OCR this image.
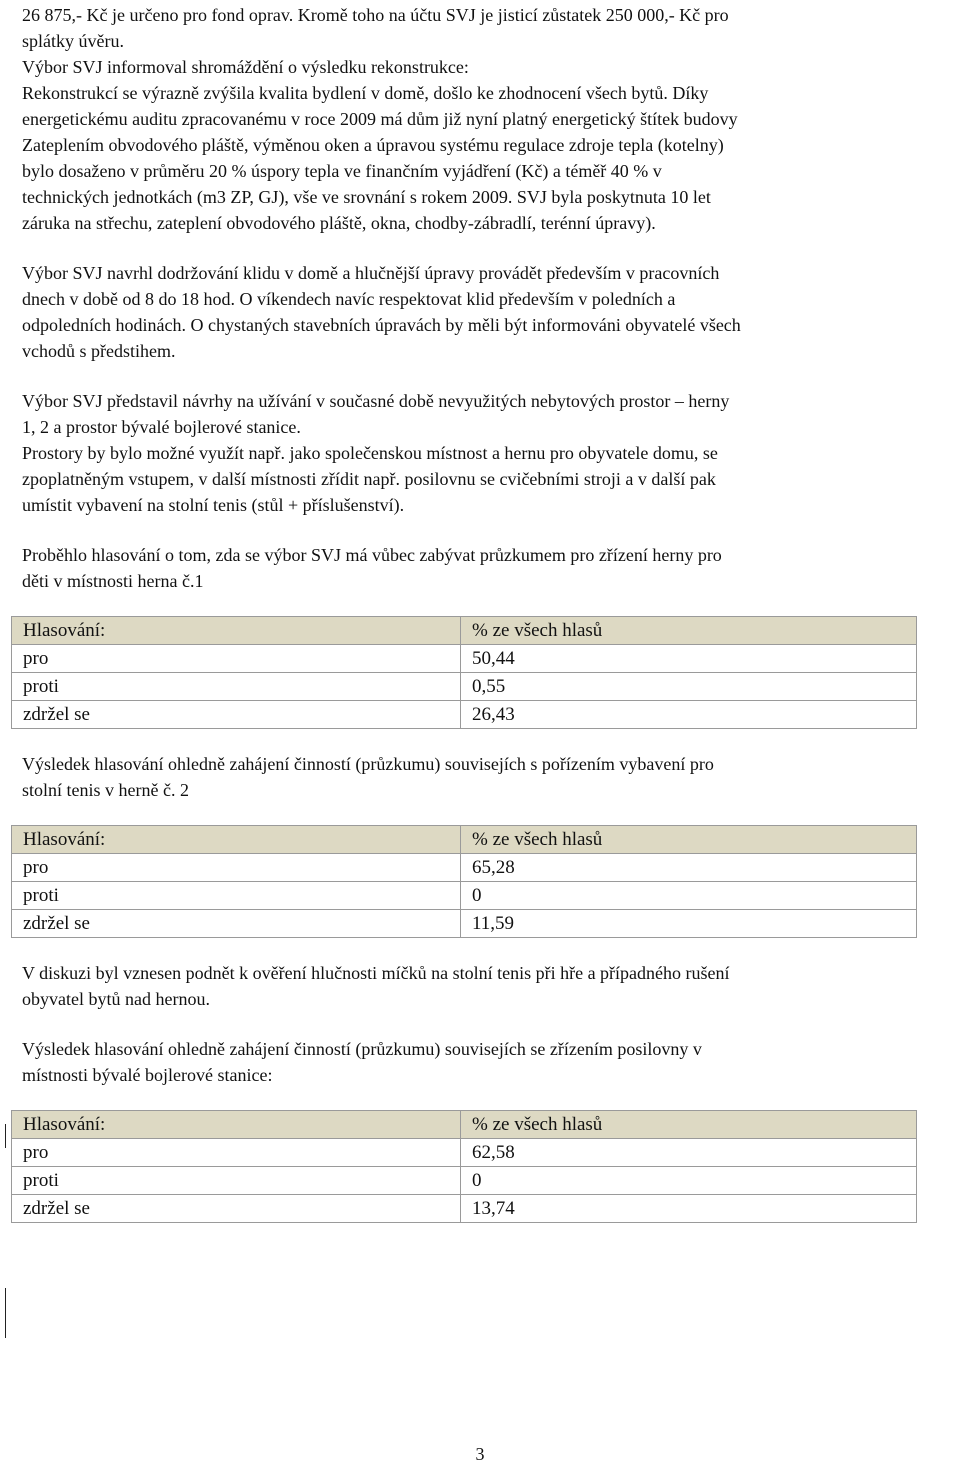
26 875,- Kč je určeno pro fond oprav. Kromě toho na účtu SVJ je jisticí zůstatek 250 000,- Kč pro
splátky úvěru.
Výbor SVJ informoval shromáždění o výsledku rekonstrukce:
Rekonstrukcí se výrazně zvýšila kvalita bydlení v domě, došlo ke zhodnocení všech bytů. Díky
energetickému auditu zpracovanému v roce 2009 má dům již nyní platný energetický štítek budovy
Zateplením obvodového pláště, výměnou oken a úpravou systému regulace zdroje tepla (kotelny)
bylo dosaženo v průměru 20 % úspory tepla ve finančním vyjádření (Kč) a téměř 40 % v
technických jednotkách (m3 ZP, GJ), vše ve srovnání s rokem 2009. SVJ byla poskytnuta 10 let
záruka na střechu, zateplení obvodového pláště, okna, chodby-zábradlí, terénní úpravy).

Výbor SVJ navrhl dodržování klidu v domě a hlučnější úpravy provádět především v pracovních
dnech v době od 8 do 18 hod. O víkendech navíc respektovat klid především v poledních a
odpoledních hodinách. O chystaných stavebních úpravách by měli být informováni obyvatelé všech
vchodů s předstihem.

Výbor SVJ představil návrhy na užívání v současné době nevyužitých nebytových prostor – herny
1, 2 a prostor bývalé bojlerové stanice.
Prostory by bylo možné využít např. jako společenskou místnost a hernu pro obyvatele domu, se
zpoplatněným vstupem, v další místnosti zřídit např. posilovnu se cvičebními stroji a v další pak
umístit vybavení na stolní tenis (stůl + příslušenství).

Proběhlo hlasování o tom, zda se výbor SVJ má vůbec zabývat průzkumem pro zřízení herny pro
děti v místnosti herna č.1

Hlasování:	% ze všech hlasů
pro	50,44
proti	0,55
zdržel se	26,43

Výsledek hlasování ohledně zahájení činností (průzkumu) souvisejích s pořízením vybavení pro
stolní tenis v herně č. 2

Hlasování:	% ze všech hlasů
pro	65,28
proti	0
zdržel se	11,59

V diskuzi byl vznesen podnět k ověření hlučnosti míčků na stolní tenis při hře a případného rušení
obyvatel bytů nad hernou.

Výsledek hlasování ohledně zahájení činností (průzkumu) souvisejích se zřízením posilovny v
místnosti bývalé bojlerové stanice:

Hlasování:	% ze všech hlasů
pro	62,58
proti	0
zdržel se	13,74
3
